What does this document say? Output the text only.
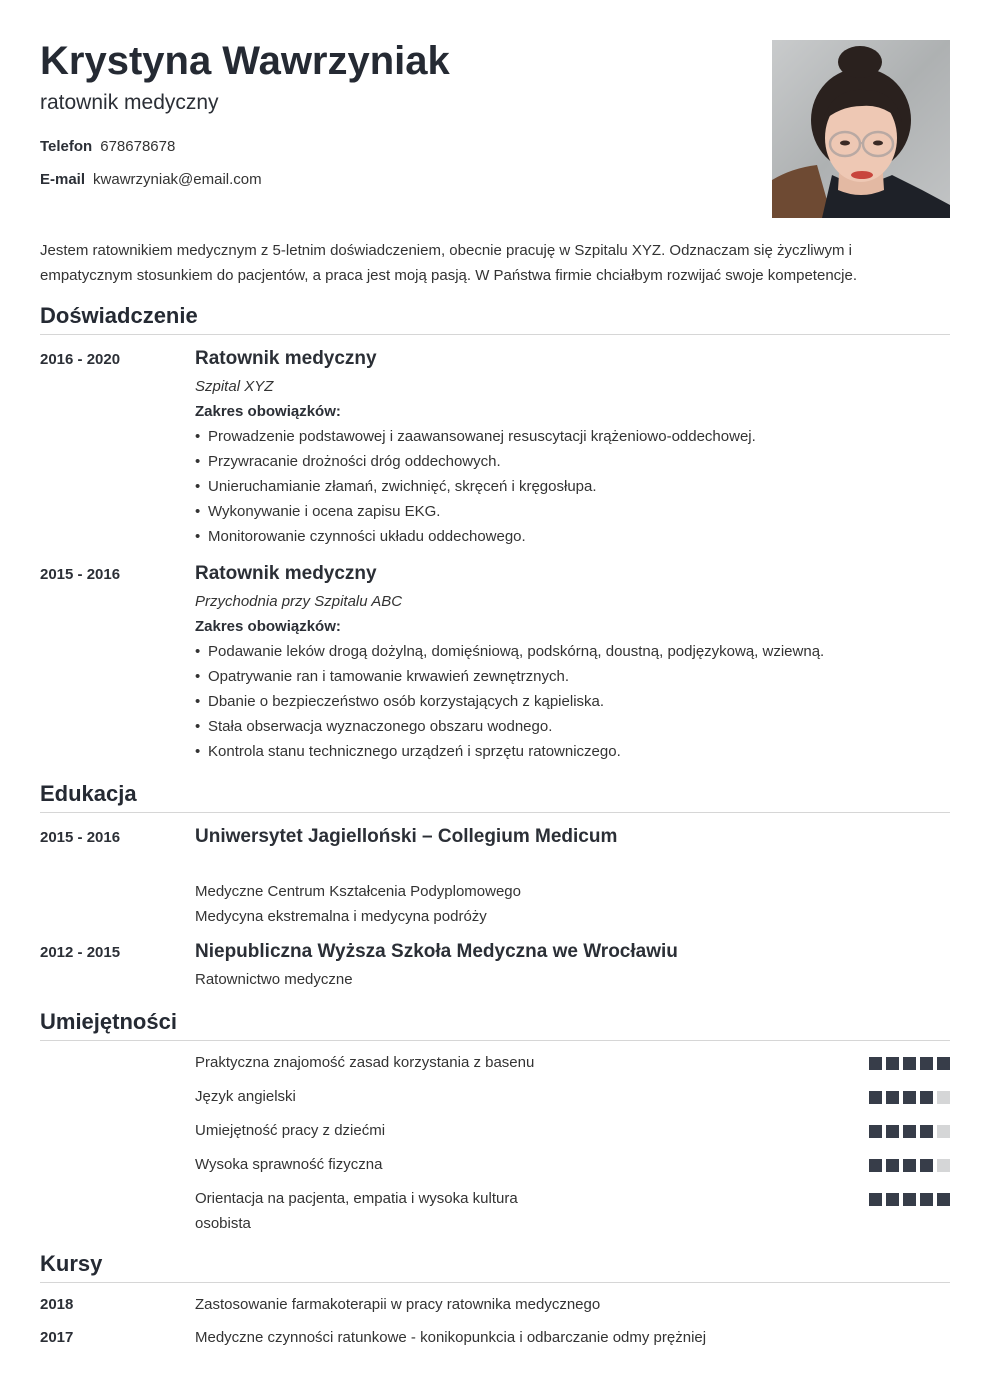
Krystyna Wawrzyniak
ratownik medyczny
Telefon 678678678
E-mail kwawrzyniak@email.com
Jestem ratownikiem medycznym z 5-letnim doświadczeniem, obecnie pracuję w Szpitalu XYZ. Odznaczam się życzliwym i empatycznym stosunkiem do pacjentów, a praca jest moją pasją. W Państwa firmie chciałbym rozwijać swoje kompetencje.
Doświadczenie
2016 - 2020	Ratownik medyczny
Szpital XYZ
Zakres obowiązków:
• Prowadzenie podstawowej i zaawansowanej resuscytacji krążeniowo-oddechowej.
• Przywracanie drożności dróg oddechowych.
• Unieruchamianie złamań, zwichnięć, skręceń i kręgosłupa.
• Wykonywanie i ocena zapisu EKG.
• Monitorowanie czynności układu oddechowego.
2015 - 2016	Ratownik medyczny
Przychodnia przy Szpitalu ABC
Zakres obowiązków:
• Podawanie leków drogą dożylną, domięśniową, podskórną, doustną, podjęzykową, wziewną.
• Opatrywanie ran i tamowanie krwawień zewnętrznych.
• Dbanie o bezpieczeństwo osób korzystających z kąpieliska.
• Stała obserwacja wyznaczonego obszaru wodnego.
• Kontrola stanu technicznego urządzeń i sprzętu ratowniczego.
Edukacja
2015 - 2016	Uniwersytet Jagielloński – Collegium Medicum
Medyczne Centrum Kształcenia Podyplomowego
Medycyna ekstremalna i medycyna podróży
2012 - 2015	Niepubliczna Wyższa Szkoła Medyczna we Wrocławiu
Ratownictwo medyczne
Umiejętności
Praktyczna znajomość zasad korzystania z basenu
Język angielski
Umiejętność pracy z dziećmi
Wysoka sprawność fizyczna
Orientacja na pacjenta, empatia i wysoka kultura osobista
Kursy
2018	Zastosowanie farmakoterapii w pracy ratownika medycznego
2017	Medyczne czynności ratunkowe - konikopunkcia i odbarczanie odmy prężniej
